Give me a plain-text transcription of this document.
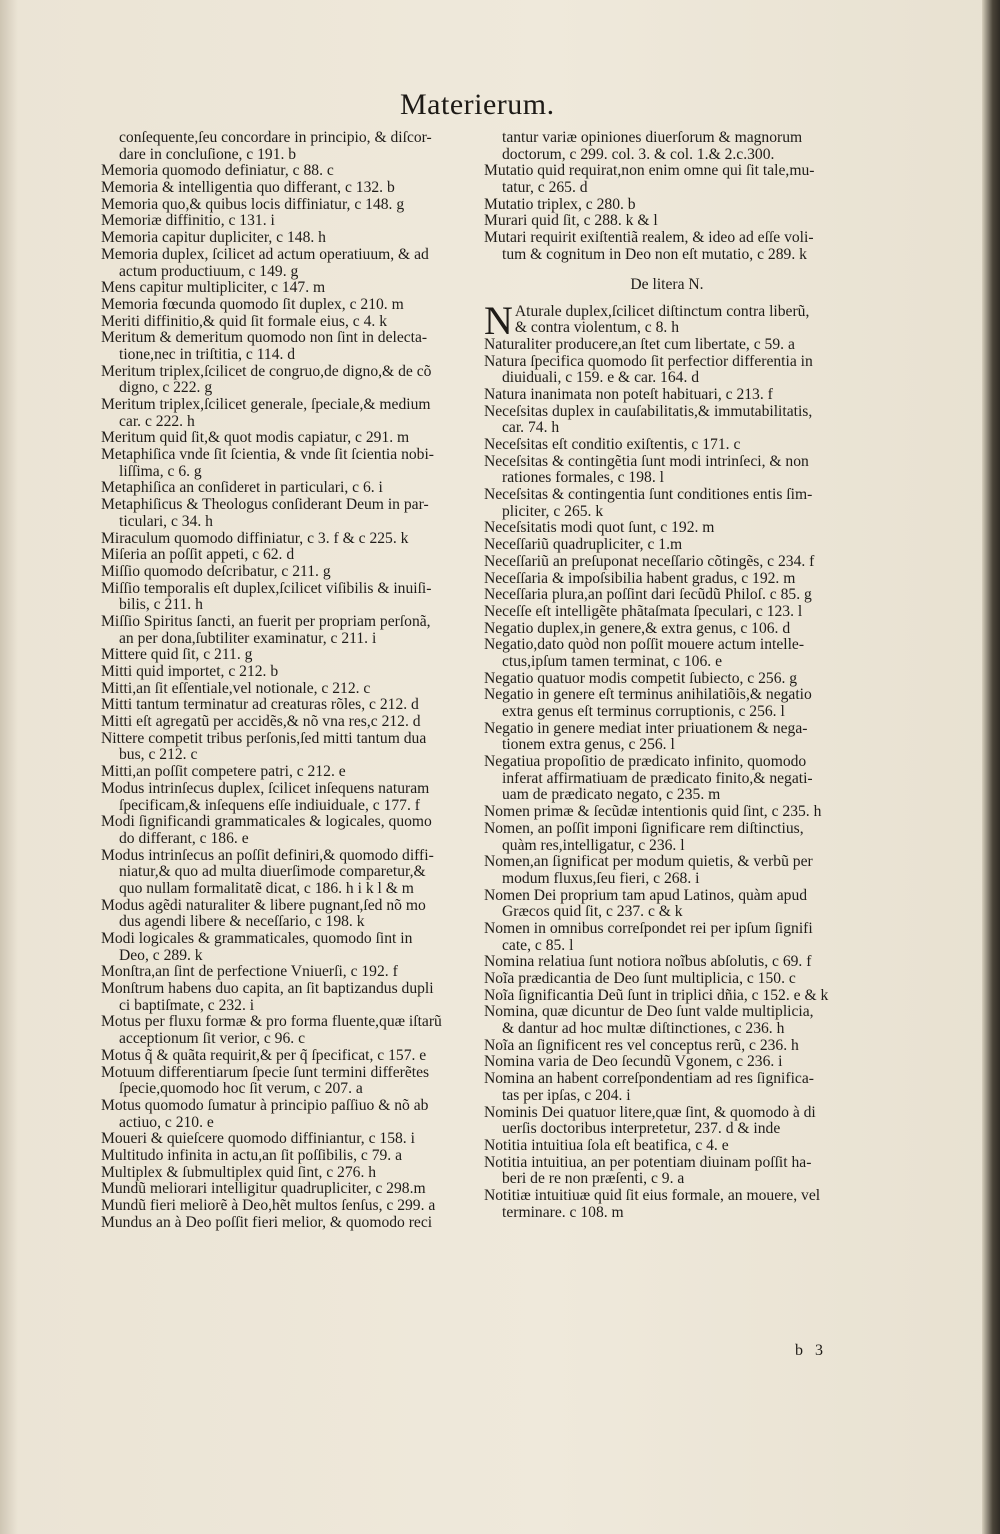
Materierum.
conſequente,ſeu concordare in principio, & diſcor-
dare in concluſione, c 191. b
Memoria quomodo definiatur, c 88. c
Memoria & intelligentia quo differant, c 132. b
Memoria quo,& quibus locis diffiniatur, c 148. g
Memoriæ diffinitio, c 131. i
Memoria capitur dupliciter, c 148. h
Memoria duplex, ſcilicet ad actum operatiuum, & ad
actum productiuum, c 149. g
Mens capitur multipliciter, c 147. m
Memoria fœcunda quomodo ſit duplex, c 210. m
Meriti diffinitio,& quid ſit formale eius, c 4. k
Meritum & demeritum quomodo non ſint in delecta-
tione,nec in triſtitia, c 114. d
Meritum triplex,ſcilicet de congruo,de digno,& de cõ
digno, c 222. g
Meritum triplex,ſcilicet generale, ſpeciale,& medium
car. c 222. h
Meritum quid ſit,& quot modis capiatur, c 291. m
Metaphiſica vnde ſit ſcientia, & vnde ſit ſcientia nobi-
liſſima, c 6. g
Metaphiſica an conſideret in particulari, c 6. i
Metaphiſicus & Theologus conſiderant Deum in par-
ticulari, c 34. h
Miraculum quomodo diffiniatur, c 3. f & c 225. k
Miſeria an poſſit appeti, c 62. d
Miſſio quomodo deſcribatur, c 211. g
Miſſio temporalis eſt duplex,ſcilicet viſibilis & inuiſi-
bilis, c 211. h
Miſſio Spiritus ſancti, an fuerit per propriam perſonã,
an per dona,ſubtiliter examinatur, c 211. i
Mittere quid ſit, c 211. g
Mitti quid importet, c 212. b
Mitti,an ſit eſſentiale,vel notionale, c 212. c
Mitti tantum terminatur ad creaturas rõles, c 212. d
Mitti eſt agregatũ per accidẽs,& nõ vna res,c 212. d
Nittere competit tribus perſonis,ſed mitti tantum dua
bus, c 212. c
Mitti,an poſſit competere patri, c 212. e
Modus intrinſecus duplex, ſcilicet inſequens naturam
ſpecificam,& inſequens eſſe indiuiduale, c 177. f
Modi ſignificandi grammaticales & logicales, quomo
do differant, c 186. e
Modus intrinſecus an poſſit definiri,& quomodo diffi-
niatur,& quo ad multa diuerſimode comparetur,&
quo nullam formalitatẽ dicat, c 186. h i k l & m
Modus agẽdi naturaliter & libere pugnant,ſed nõ mo
dus agendi libere & neceſſario, c 198. k
Modi logicales & grammaticales, quomodo ſint in
Deo, c 289. k
Monſtra,an ſint de perfectione Vniuerſi, c 192. f
Monſtrum habens duo capita, an ſit baptizandus dupli
ci baptiſmate, c 232. i
Motus per fluxu formæ & pro forma fluente,quæ iſtarũ
acceptionum ſit verior, c 96. c
Motus q̃ & quãta requirit,& per q̃ ſpecificat, c 157. e
Motuum differentiarum ſpecie ſunt termini differẽtes
ſpecie,quomodo hoc ſit verum, c 207. a
Motus quomodo ſumatur à principio paſſiuo & nõ ab
actiuo, c 210. e
Moueri & quieſcere quomodo diffiniantur, c 158. i
Multitudo infinita in actu,an ſit poſſibilis, c 79. a
Multiplex & ſubmultiplex quid ſint, c 276. h
Mundũ meliorari intelligitur quadrupliciter, c 298.m
Mundũ fieri meliorẽ à Deo,hẽt multos ſenſus, c 299. a
Mundus an à Deo poſſit fieri melior, & quomodo reci
tantur variæ opiniones diuerſorum & magnorum
doctorum, c 299. col. 3. & col. 1.& 2.c.300.
Mutatio quid requirat,non enim omne qui ſit tale,mu-
tatur, c 265. d
Mutatio triplex, c 280. b
Murari quid ſit, c 288. k & l
Mutari requirit exiſtentiã realem, & ideo ad eſſe voli-
tum & cognitum in Deo non eſt mutatio, c 289. k
De litera N.
N Aturale duplex,ſcilicet diſtinctum contra liberũ,
& contra violentum, c 8. h
Naturaliter producere,an ſtet cum libertate, c 59. a
Natura ſpecifica quomodo ſit perfectior differentia in
diuiduali, c 159. e & car. 164. d
Natura inanimata non poteſt habituari, c 213. f
Neceſsitas duplex in cauſabilitatis,& immutabilitatis,
car. 74. h
Neceſsitas eſt conditio exiſtentis, c 171. c
Neceſsitas & contingẽtia ſunt modi intrinſeci, & non
rationes formales, c 198. l
Neceſsitas & contingentia ſunt conditiones entis ſim-
pliciter, c 265. k
Neceſsitatis modi quot ſunt, c 192. m
Neceſſariũ quadrupliciter, c 1.m
Neceſſariũ an preſuponat neceſſario cõtingẽs, c 234. f
Neceſſaria & impoſsibilia habent gradus, c 192. m
Neceſſaria plura,an poſſint dari ſecũdũ Philoſ. c 85. g
Neceſſe eſt intelligẽte phãtaſmata ſpeculari, c 123. l
Negatio duplex,in genere,& extra genus, c 106. d
Negatio,dato quòd non poſſit mouere actum intelle-
ctus,ipſum tamen terminat, c 106. e
Negatio quatuor modis competit ſubiecto, c 256. g
Negatio in genere eſt terminus anihilatiõis,& negatio
extra genus eſt terminus corruptionis, c 256. l
Negatio in genere mediat inter priuationem & nega-
tionem extra genus, c 256. l
Negatiua propoſitio de prædicato infinito, quomodo
inferat affirmatiuam de prædicato finito,& negati-
uam de prædicato negato, c 235. m
Nomen primæ & ſecũdæ intentionis quid ſint, c 235. h
Nomen, an poſſit imponi ſignificare rem diſtinctius,
quàm res,intelligatur, c 236. l
Nomen,an ſignificat per modum quietis, & verbũ per
modum fluxus,ſeu fieri, c 268. i
Nomen Dei proprium tam apud Latinos, quàm apud
Græcos quid ſit, c 237. c & k
Nomen in omnibus correſpondet rei per ipſum ſignifi
cate, c 85. l
Nomina relatiua ſunt notiora noĩbus abſolutis, c 69. f
Noĩa prædicantia de Deo ſunt multiplicia, c 150. c
Noĩa ſignificantia Deũ ſunt in triplici dñia, c 152. e & k
Nomina, quæ dicuntur de Deo ſunt valde multiplicia,
& dantur ad hoc multæ diſtinctiones, c 236. h
Noĩa an ſignificent res vel conceptus rerũ, c 236. h
Nomina varia de Deo ſecundũ Vgonem, c 236. i
Nomina an habent correſpondentiam ad res ſignifica-
tas per ipſas, c 204. i
Nominis Dei quatuor litere,quæ ſint, & quomodo à di
uerſis doctoribus interpretetur, 237. d & inde
Notitia intuitiua ſola eſt beatifica, c 4. e
Notitia intuitiua, an per potentiam diuinam poſſit ha-
beri de re non præſenti, c 9. a
Notitiæ intuitiuæ quid ſit eius formale, an mouere, vel
terminare. c 108. m
b 3
